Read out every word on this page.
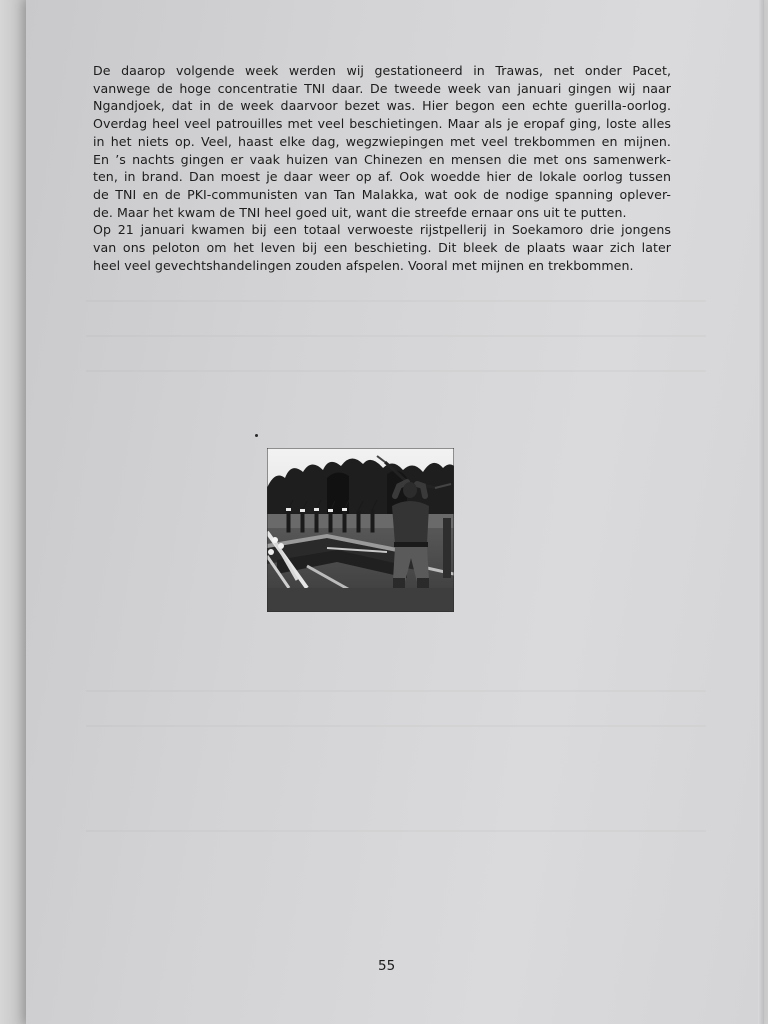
De daarop volgende week werden wij gestationeerd in Trawas, net onder Pacet,
vanwege de hoge concentratie TNI daar. De tweede week van januari gingen wij naar
Ngandjoek, dat in de week daarvoor bezet was. Hier begon een echte guerilla-oorlog.
Overdag heel veel patrouilles met veel beschietingen. Maar als je eropaf ging, loste alles
in het niets op. Veel, haast elke dag, wegzwiepingen met veel trekbommen en mijnen.
En ’s nachts gingen er vaak huizen van Chinezen en mensen die met ons samenwerk-
ten, in brand. Dan moest je daar weer op af. Ook woedde hier de lokale oorlog tussen
de TNI en de PKI-communisten van Tan Malakka, wat ook de nodige spanning oplever-
de. Maar het kwam de TNI heel goed uit, want die streefde ernaar ons uit te putten.
Op 21 januari kwamen bij een totaal verwoeste rijstpellerij in Soekamoro drie jongens
van ons peloton om het leven bij een beschieting. Dit bleek de plaats waar zich later
heel veel gevechtshandelingen zouden afspelen. Vooral met mijnen en trekbommen.
55
